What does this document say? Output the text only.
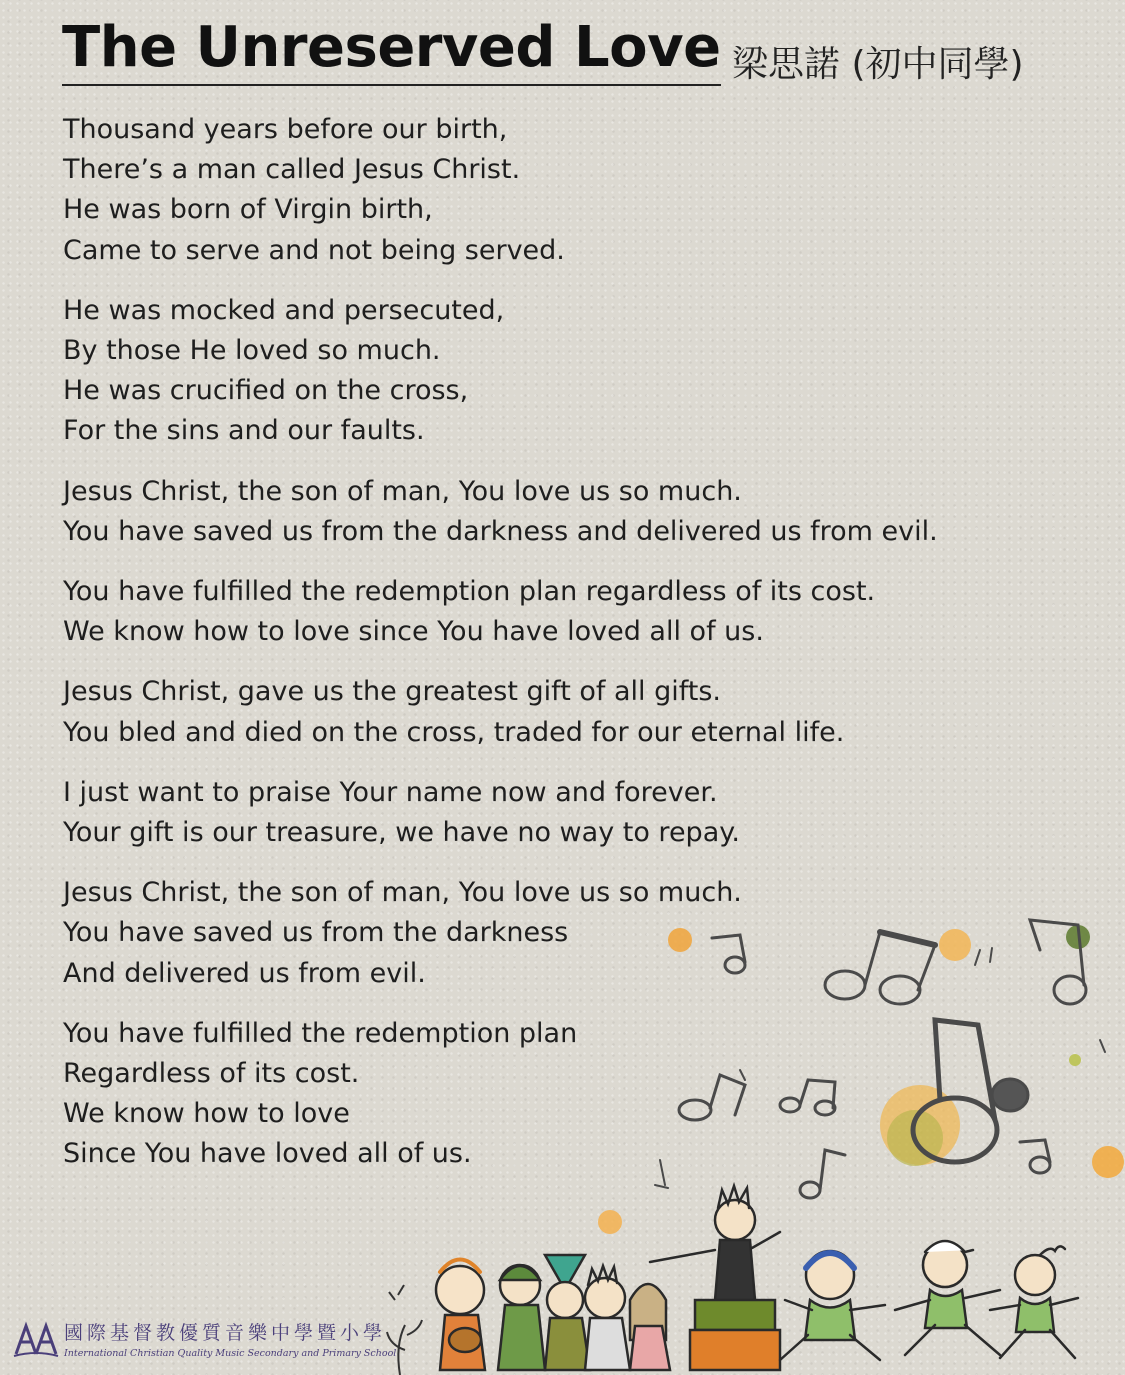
The Unreserved Love 梁思諾 (初中同學)
Thousand years before our birth,
There’s a man called Jesus Christ.
He was born of Virgin birth,
Came to serve and not being served.
He was mocked and persecuted,
By those He loved so much.
He was crucified on the cross,
For the sins and our faults.
Jesus Christ, the son of man, You love us so much.
You have saved us from the darkness and delivered us from evil.
You have fulfilled the redemption plan regardless of its cost.
We know how to love since You have loved all of us.
Jesus Christ, gave us the greatest gift of all gifts.
You bled and died on the cross, traded for our eternal life.
I just want to praise Your name now and forever.
Your gift is our treasure, we have no way to repay.
Jesus Christ, the son of man, You love us so much.
You have saved us from the darkness
And delivered us from evil.
You have fulfilled the redemption plan
Regardless of its cost.
We know how to love
Since You have loved all of us.
國際基督教優質音樂中學暨小學
International Christian Quality Music Secondary and Primary School
